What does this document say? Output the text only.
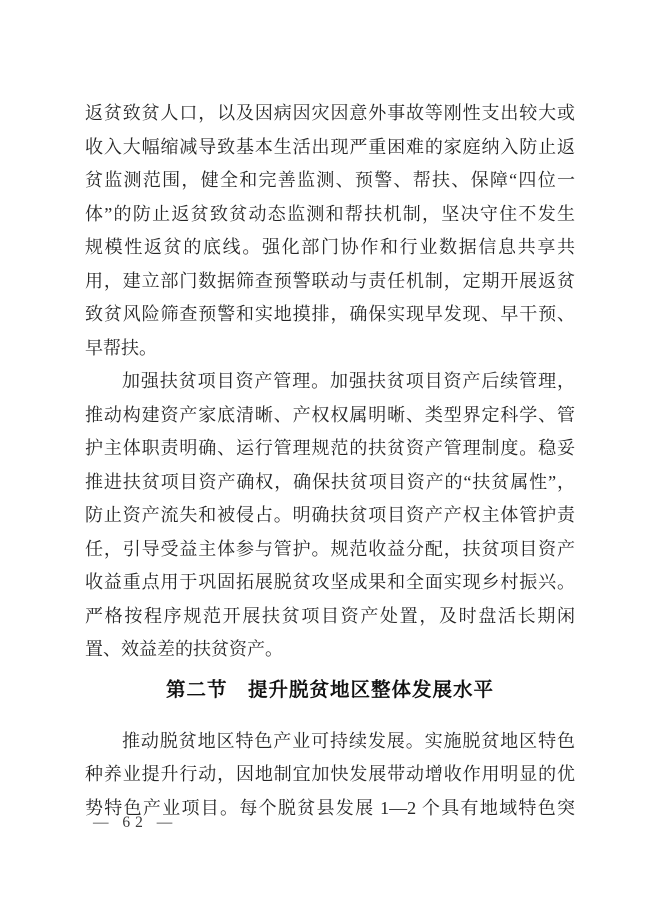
返贫致贫人口，以及因病因灾因意外事故等刚性支出较大或
收入大幅缩减导致基本生活出现严重困难的家庭纳入防止返
贫监测范围，健全和完善监测、预警、帮扶、保障“四位一
体”的防止返贫致贫动态监测和帮扶机制，坚决守住不发生
规模性返贫的底线。强化部门协作和行业数据信息共享共
用，建立部门数据筛查预警联动与责任机制，定期开展返贫
致贫风险筛查预警和实地摸排，确保实现早发现、早干预、
早帮扶。
加强扶贫项目资产管理。加强扶贫项目资产后续管理，
推动构建资产家底清晰、产权权属明晰、类型界定科学、管
护主体职责明确、运行管理规范的扶贫资产管理制度。稳妥
推进扶贫项目资产确权，确保扶贫项目资产的“扶贫属性”，
防止资产流失和被侵占。明确扶贫项目资产产权主体管护责
任，引导受益主体参与管护。规范收益分配，扶贫项目资产
收益重点用于巩固拓展脱贫攻坚成果和全面实现乡村振兴。
严格按程序规范开展扶贫项目资产处置，及时盘活长期闲
置、效益差的扶贫资产。
第二节　提升脱贫地区整体发展水平
推动脱贫地区特色产业可持续发展。实施脱贫地区特色
种养业提升行动，因地制宜加快发展带动增收作用明显的优
势特色产业项目。每个脱贫县发展 1—2 个具有地域特色突
— 62 —
